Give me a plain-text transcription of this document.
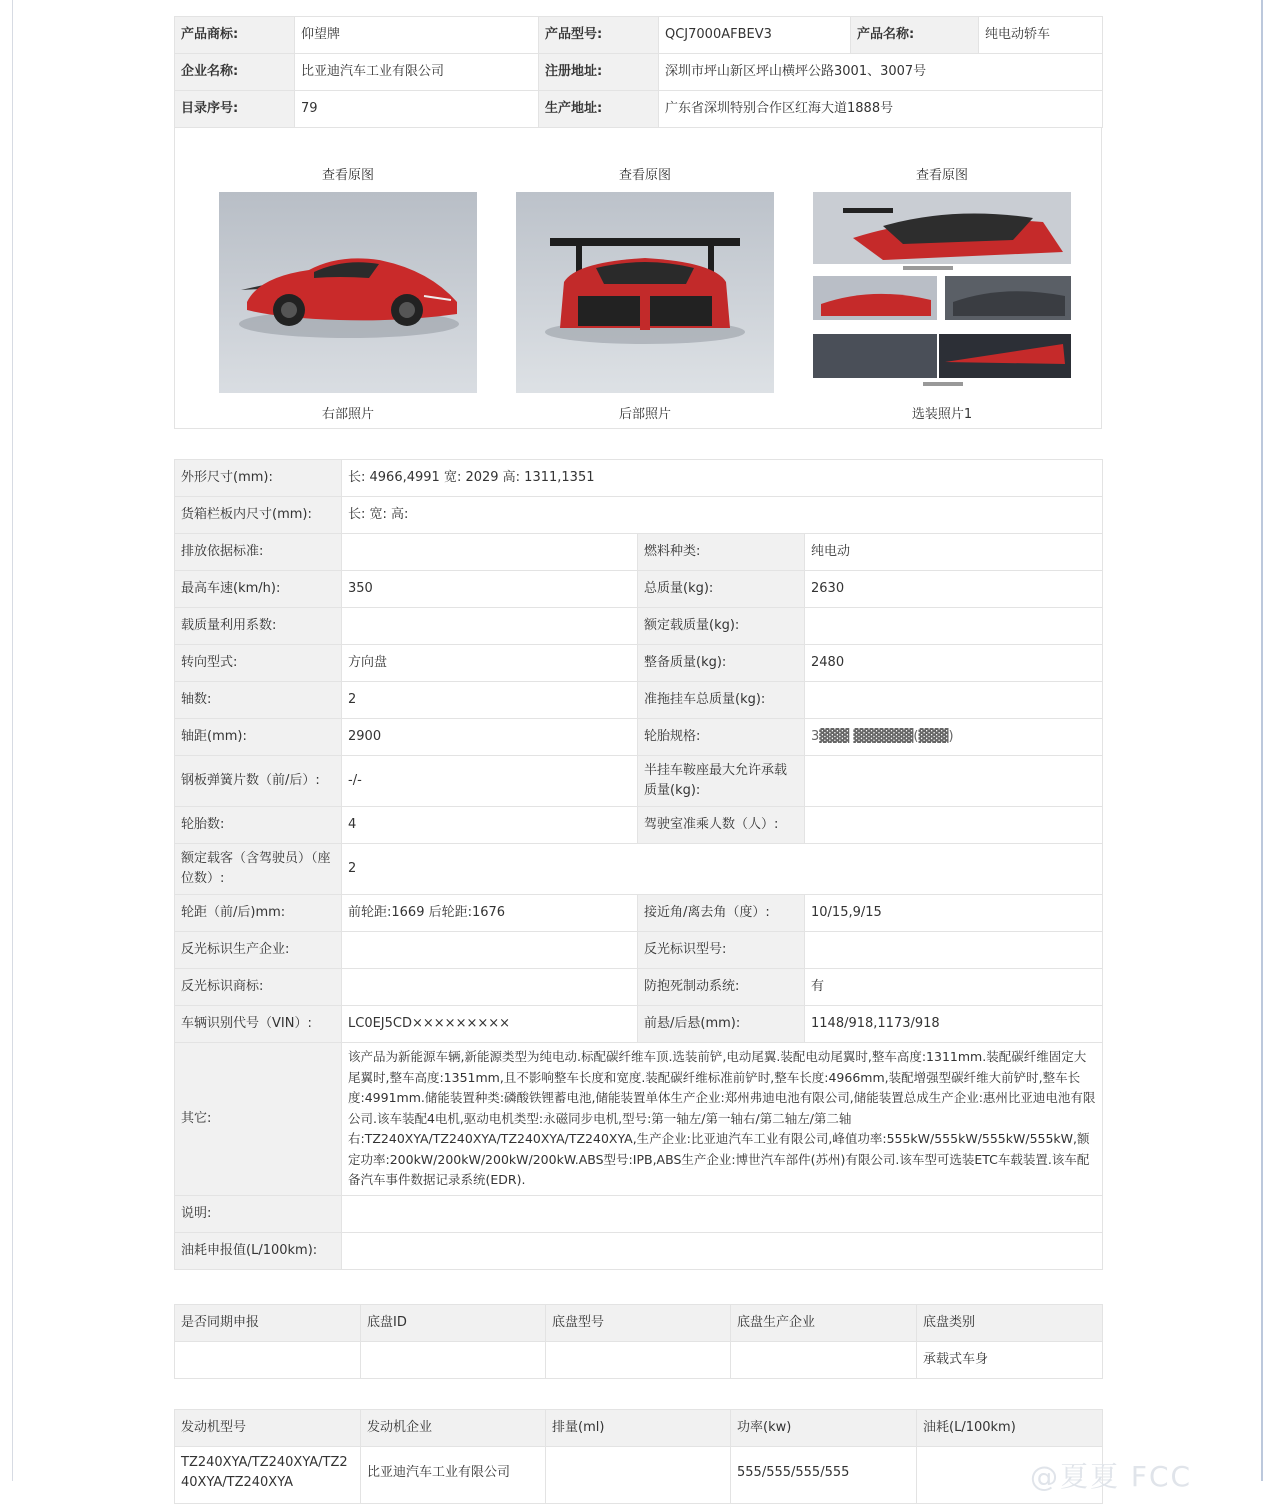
产品商标:	仰望牌	产品型号:	QCJ7000AFBEV3	产品名称:	纯电动轿车
企业名称:	比亚迪汽车工业有限公司	注册地址:	深圳市坪山新区坪山横坪公路3001、3007号		
目录序号:	79	生产地址:	广东省深圳特别合作区红海大道1888号		
查看原图
右部照片
查看原图
后部照片
查看原图
选装照片1
外形尺寸(mm):	长: 4966,4991 宽: 2029 高: 1311,1351		
货箱栏板内尺寸(mm):	长: 宽: 高:		
排放依据标准:		燃料种类:	纯电动
最高车速(km/h):	350	总质量(kg):	2630
载质量利用系数:		额定载质量(kg):	
转向型式:	方向盘	整备质量(kg):	2480
轴数:	2	准拖挂车总质量(kg):	
轴距(mm):	2900	轮胎规格:	3▓▓▓ ▓▓▓▓▓▓(▓▓▓)
钢板弹簧片数（前/后）:	-/-	半挂车鞍座最大允许承载质量(kg):	
轮胎数:	4	驾驶室准乘人数（人）:	
额定载客（含驾驶员）（座位数）:	2		
轮距（前/后)mm:	前轮距:1669 后轮距:1676	接近角/离去角（度）:	10/15,9/15
反光标识生产企业:		反光标识型号:	
反光标识商标:		防抱死制动系统:	有
车辆识别代号（VIN）:	LC0EJ5CD×××××××××	前悬/后悬(mm):	1148/918,1173/918
其它:	该产品为新能源车辆,新能源类型为纯电动.标配碳纤维车顶.选装前铲,电动尾翼.装配电动尾翼时,整车高度:1311mm.装配碳纤维固定大尾翼时,整车高度:1351mm,且不影响整车长度和宽度.装配碳纤维标准前铲时,整车长度:4966mm,装配增强型碳纤维大前铲时,整车长度:4991mm.储能装置种类:磷酸铁锂蓄电池,储能装置单体生产企业:郑州弗迪电池有限公司,储能装置总成生产企业:惠州比亚迪电池有限公司.该车装配4电机,驱动电机类型:永磁同步电机,型号:第一轴左/第一轴右/第二轴左/第二轴右:TZ240XYA/TZ240XYA/TZ240XYA/TZ240XYA,生产企业:比亚迪汽车工业有限公司,峰值功率:555kW/555kW/555kW/555kW,额定功率:200kW/200kW/200kW/200kW.ABS型号:IPB,ABS生产企业:博世汽车部件(苏州)有限公司.该车型可选装ETC车载装置.该车配备汽车事件数据记录系统(EDR).		
说明:			
油耗申报值(L/100km):			
是否同期申报	底盘ID	底盘型号	底盘生产企业	底盘类别
				承载式车身
发动机型号	发动机企业	排量(ml)	功率(kw)	油耗(L/100km)
TZ240XYA/TZ240XYA/TZ240XYA/TZ240XYA	比亚迪汽车工业有限公司		555/555/555/555		@夏夏 FCC
